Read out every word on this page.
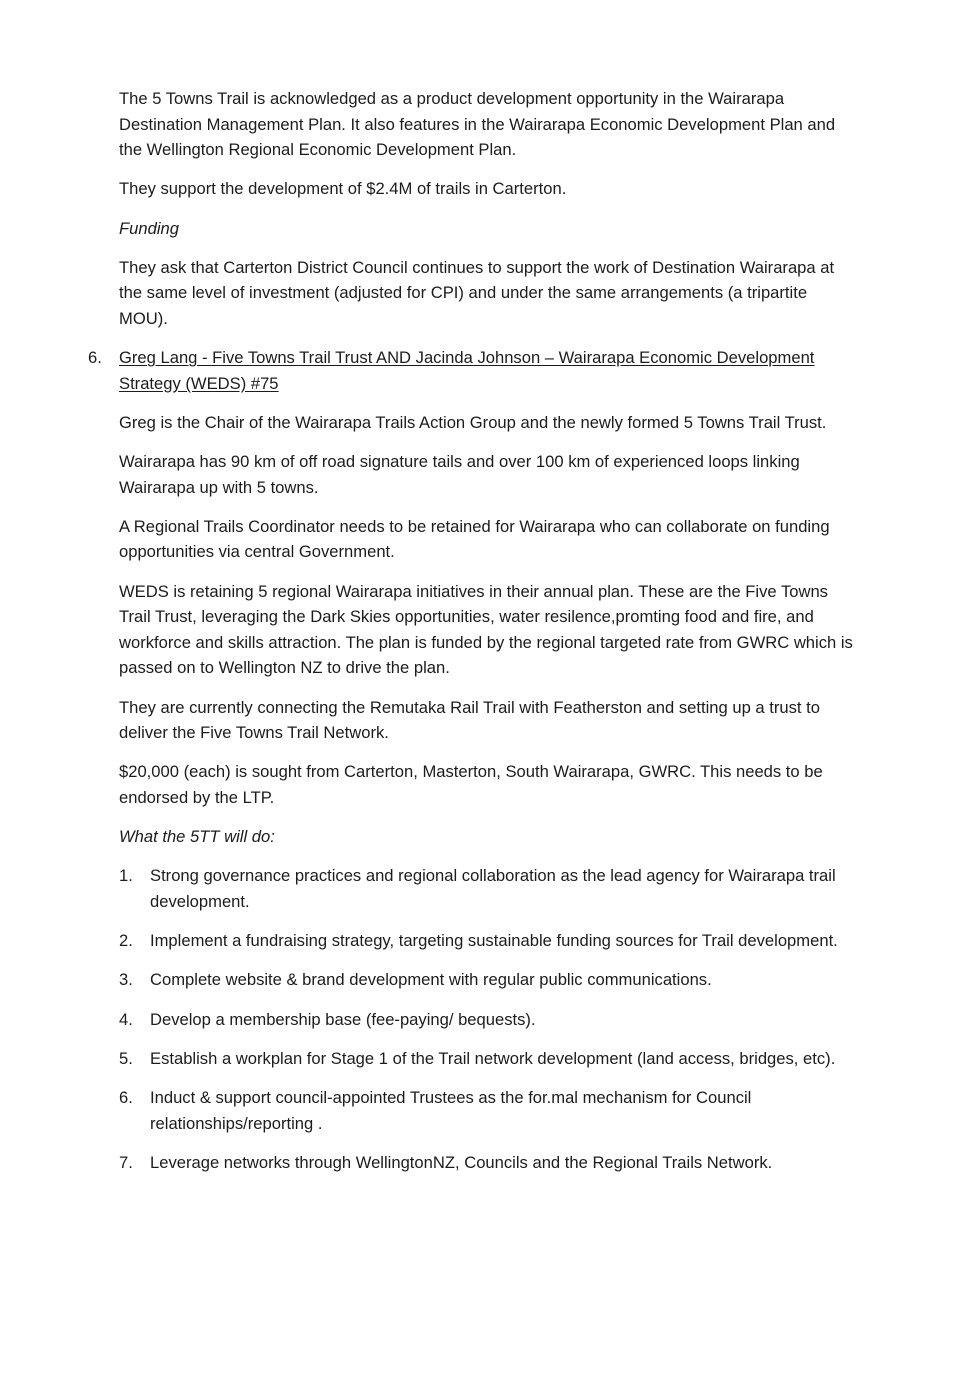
The 5 Towns Trail is acknowledged as a product development opportunity in the Wairarapa Destination Management Plan. It also features in the Wairarapa Economic Development Plan and the Wellington Regional Economic Development Plan.

They support the development of $2.4M of trails in Carterton.

Funding

They ask that Carterton District Council continues to support the work of Destination Wairarapa at the same level of investment (adjusted for CPI) and under the same arrangements (a tripartite MOU).

6. Greg Lang - Five Towns Trail Trust AND Jacinda Johnson – Wairarapa Economic Development Strategy (WEDS) #75

Greg is the Chair of the Wairarapa Trails Action Group and the newly formed 5 Towns Trail Trust.

Wairarapa has 90 km of off road signature tails and over 100 km of experienced loops linking Wairarapa up with 5 towns.

A Regional Trails Coordinator needs to be retained for Wairarapa who can collaborate on funding opportunities via central Government.

WEDS is retaining 5 regional Wairarapa initiatives in their annual plan. These are the Five Towns Trail Trust, leveraging the Dark Skies opportunities, water resilence,promting food and fire, and workforce and skills attraction. The plan is funded by the regional targeted rate from GWRC which is passed on to Wellington NZ to drive the plan.

They are currently connecting the Remutaka Rail Trail with Featherston and setting up a trust to deliver the Five Towns Trail Network.

$20,000 (each) is sought from Carterton, Masterton, South Wairarapa, GWRC. This needs to be endorsed by the LTP.

What the 5TT will do:

1. Strong governance practices and regional collaboration as the lead agency for Wairarapa trail development.
2. Implement a fundraising strategy, targeting sustainable funding sources for Trail development.
3. Complete website & brand development with regular public communications.
4. Develop a membership base (fee-paying/ bequests).
5. Establish a workplan for Stage 1 of the Trail network development (land access, bridges, etc).
6. Induct & support council-appointed Trustees as the for.mal mechanism for Council relationships/reporting .
7. Leverage networks through WellingtonNZ, Councils and the Regional Trails Network.
